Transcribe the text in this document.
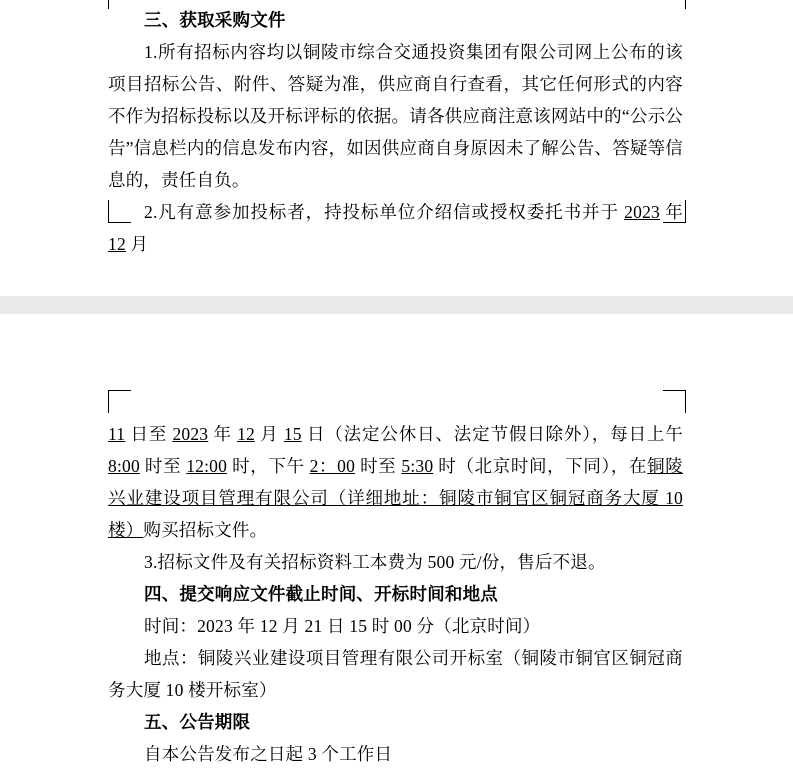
三、获取采购文件

1.所有招标内容均以铜陵市综合交通投资集团有限公司网上公布的该项目招标公告、附件、答疑为准，供应商自行查看，其它任何形式的内容不作为招标投标以及开标评标的依据。请各供应商注意该网站中的“公示公告”信息栏内的信息发布内容，如因供应商自身原因未了解公告、答疑等信息的，责任自负。

2.凡有意参加投标者，持投标单位介绍信或授权委托书并于 2023 年 12 月

11 日至 2023 年 12 月 15 日（法定公休日、法定节假日除外），每日上午 8:00 时至 12:00 时，下午 2：00 时至 5:30 时（北京时间，下同），在铜陵兴业建设项目管理有限公司（详细地址：铜陵市铜官区铜冠商务大厦 10 楼）购买招标文件。

3.招标文件及有关招标资料工本费为 500 元/份，售后不退。

四、提交响应文件截止时间、开标时间和地点

时间：2023 年 12 月 21 日 15 时 00 分（北京时间）

地点：铜陵兴业建设项目管理有限公司开标室（铜陵市铜官区铜冠商务大厦 10 楼开标室）

五、公告期限

自本公告发布之日起 3 个工作日
